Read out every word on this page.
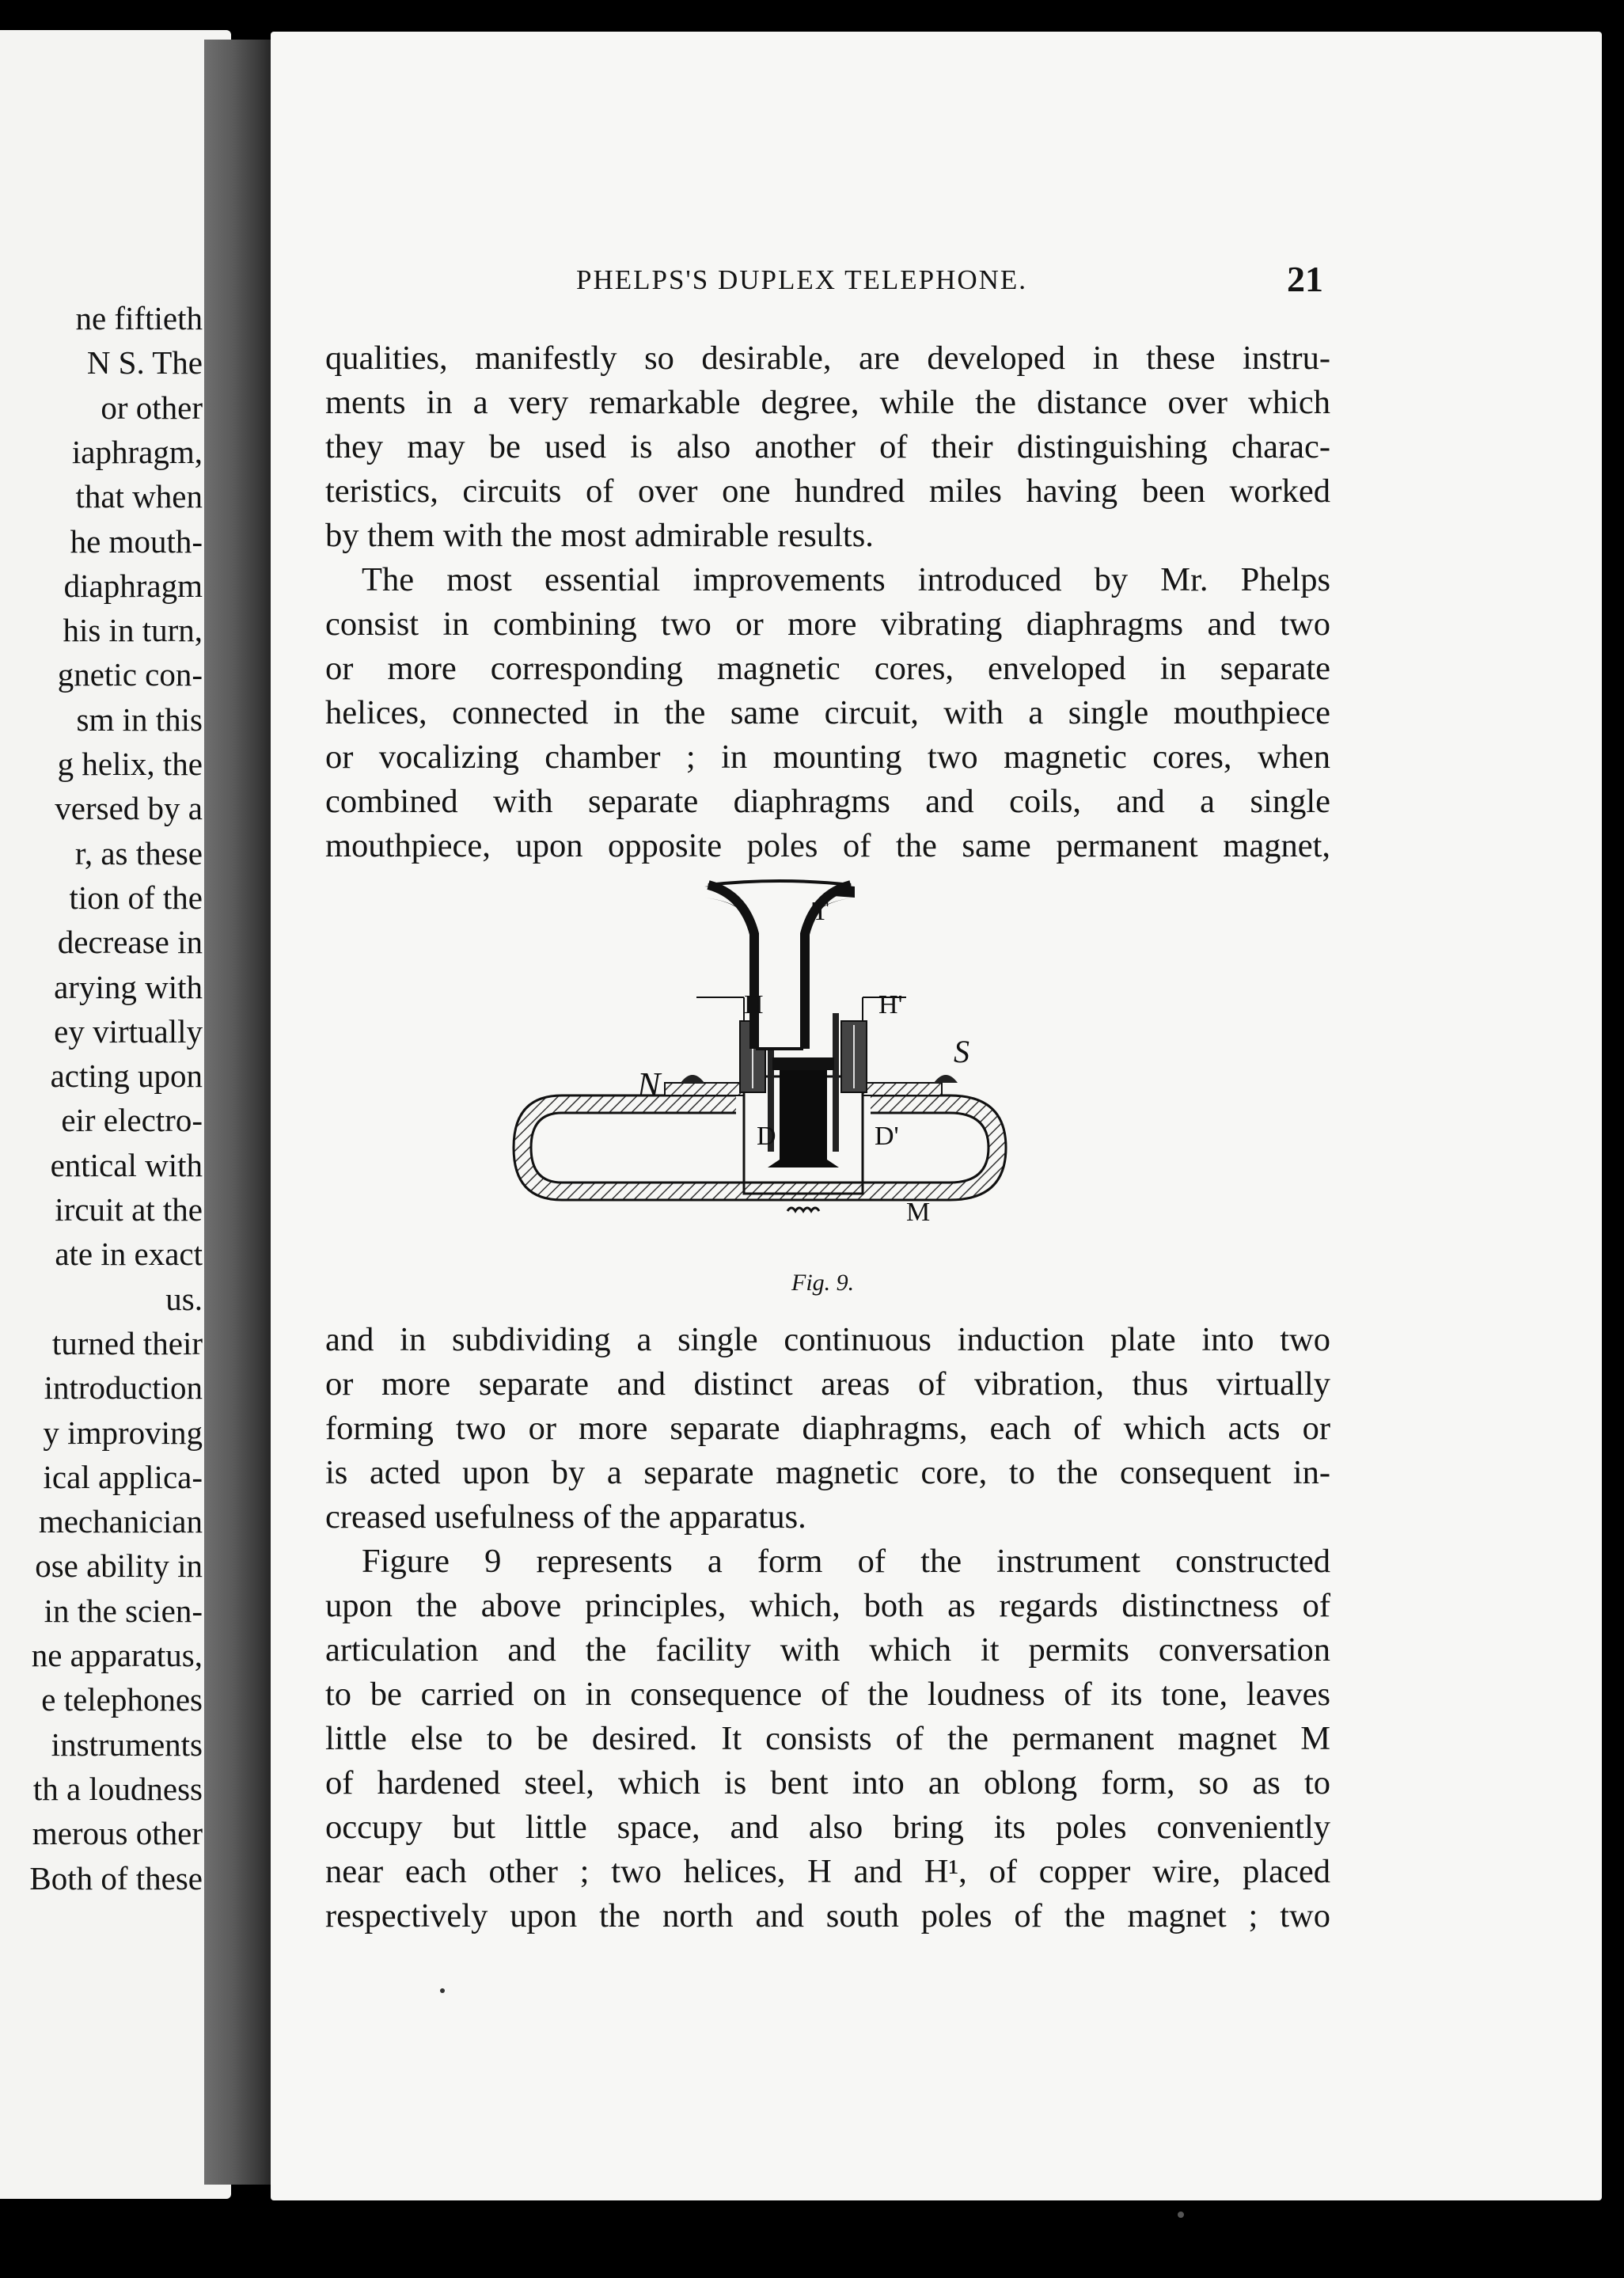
ne fiftieth
N S. The
or other
iaphragm,
that when
he mouth-
diaphragm
his in turn,
gnetic con-
sm in this
g helix, the
versed by a
r, as these
tion of the
decrease in
arying with
ey virtually
acting upon
eir electro-
entical with
ircuit at the
ate in exact
us.
turned their
introduction
y improving
ical applica-
mechanician
ose ability in
in the scien-
ne apparatus,
e telephones
instruments
th a loudness
merous other
Both of these
PHELPS'S DUPLEX TELEPHONE.	21
qualities, manifestly so desirable, are developed in these instru-
ments in a very remarkable degree, while the distance over which
they may be used is also another of their distinguishing charac-
teristics, circuits of over one hundred miles having been worked
by them with the most admirable results.
The most essential improvements introduced by Mr. Phelps
consist in combining two or more vibrating diaphragms and two
or more corresponding magnetic cores, enveloped in separate
helices, connected in the same circuit, with a single mouthpiece
or vocalizing chamber ; in mounting two magnetic cores, when
combined with separate diaphragms and coils, and a single
mouthpiece, upon opposite poles of the same permanent magnet,
T
H	H'
N
S
D	D'
M
Fig. 9.
and in subdividing a single continuous induction plate into two
or more separate and distinct areas of vibration, thus virtually
forming two or more separate diaphragms, each of which acts or
is acted upon by a separate magnetic core, to the consequent in-
creased usefulness of the apparatus.
Figure 9 represents a form of the instrument constructed
upon the above principles, which, both as regards distinctness of
articulation and the facility with which it permits conversation
to be carried on in consequence of the loudness of its tone, leaves
little else to be desired. It consists of the permanent magnet M
of hardened steel, which is bent into an oblong form, so as to
occupy but little space, and also bring its poles conveniently
near each other ; two helices, H and H¹, of copper wire, placed
respectively upon the north and south poles of the magnet ; two
